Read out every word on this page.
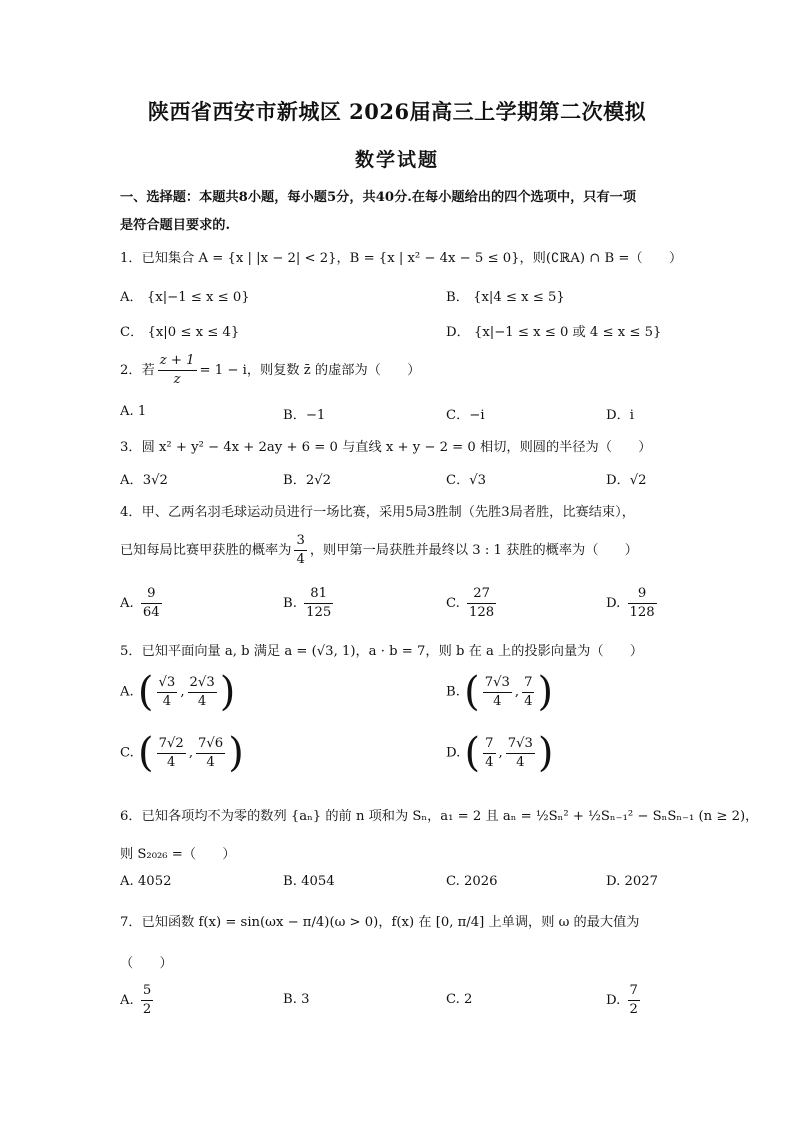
陕西省西安市新城区 2026届高三上学期第二次模拟
数学试题
一、选择题：本题共8小题，每小题5分，共40分.在每小题给出的四个选项中，只有一项
是符合题目要求的.
1．已知集合 A = {x | |x − 2| < 2}，B = {x | x² − 4x − 5 ≤ 0}，则(∁ℝA) ∩ B =（　　）
A． {x|−1 ≤ x ≤ 0}	B． {x|4 ≤ x ≤ 5}
C． {x|0 ≤ x ≤ 4}	D． {x|−1 ≤ x ≤ 0 或 4 ≤ x ≤ 5}
2．若 $\frac{z + 1}{z} = 1 - i$，则复数 z̄ 的虚部为（　　）
A. 1	B．−1	C．−i	D．i
3．圆 x² + y² − 4x + 2ay + 6 = 0 与直线 x + y − 2 = 0 相切，则圆的半径为（　　）
A．3√2	B．2√2	C．√3	D．√2
4．甲、乙两名羽毛球运动员进行一场比赛，采用5局3胜制（先胜3局者胜，比赛结束），
已知每局比赛甲获胜的概率为 $\frac{3}{4}$ ，则甲第一局获胜并最终以 3 : 1 获胜的概率为（　　）
A. $\frac{9}{64}$	B. $\frac{81}{125}$	C. $\frac{27}{128}$	D. $\frac{9}{128}$
5．已知平面向量 a, b 满足 a = (√3, 1)，a · b = 7，则 b 在 a 上的投影向量为（　　）
A. ( $\frac{√3}{4}$ , $\frac{2√3}{4}$ )	B. ( $\frac{7√3}{4}$ , $\frac{7}{4}$ )
C. ( $\frac{7√2}{4}$ , $\frac{7√6}{4}$ )	D. ( $\frac{7}{4}$ , $\frac{7√3}{4}$ )
6．已知各项均不为零的数列 {aₙ} 的前 n 项和为 Sₙ，a₁ = 2 且 aₙ = ½Sₙ² + ½Sₙ₋₁² − SₙSₙ₋₁ (n ≥ 2)，
则 S₂₀₂₆ =（　　）
A. 4052	B. 4054	C. 2026	D. 2027
7．已知函数 f(x) = sin(ωx − π/4)(ω > 0)，f(x) 在 [0, π/4] 上单调，则 ω 的最大值为
（　　）
A. $\frac{5}{2}$	B. 3	C. 2	D. $\frac{7}{2}$
